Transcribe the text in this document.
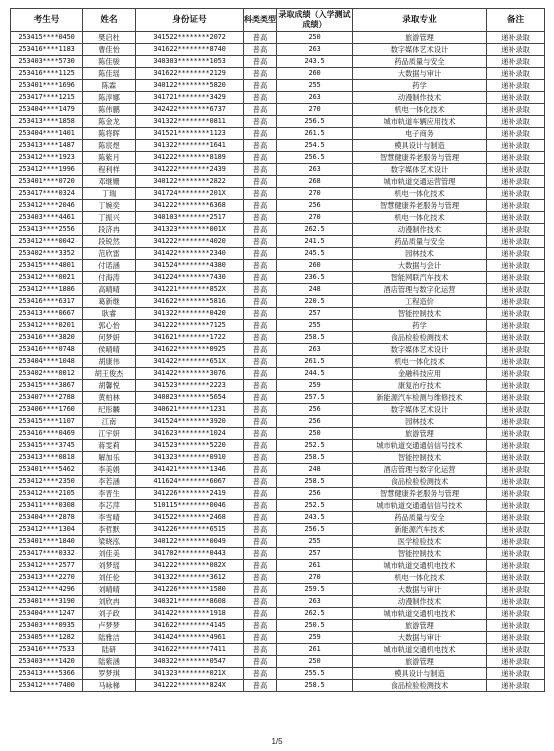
考生号	姓名	身份证号	科类类型	录取成绩（入学测试成绩）	录取专业	备注
253415****0450	樊启杜	341522********2072	普高	250	旅游管理	递补录取
253416****1183	曹佳怡	341622********8740	普高	263	数字媒体艺术设计	递补录取
253403****5730	陈佳骏	340303********1053	普高	243.5	药品质量与安全	递补录取
253416****1125	陈佳瑶	341622********2129	普高	260	大数据与审计	递补录取
253401****1696	陈霖	340122********5820	普高	255	药学	递补录取
253417****1215	陈淳娜	341721********3429	普高	263	动漫制作技术	递补录取
253404****1479	陈伟鹏	342422********6737	普高	270	机电一体化技术	递补录取
253413****1858	陈金龙	341322********0811	普高	256.5	城市轨道车辆应用技术	递补录取
253404****1401	陈将晖	341521********1123	普高	261.5	电子商务	递补录取
253413****1487	陈宸煜	341322********1641	普高	254.5	模具设计与制造	递补录取
253412****1923	陈紫月	341222********8189	普高	256.5	智慧健康养老服务与管理	递补录取
253412****1996	程利样	341222********2439	普高	263	数字媒体艺术设计	递补录取
253401****0720	邓继姗	340122********2822	普高	268	城市轨道交通运营管理	递补录取
253417****0324	丁瑞	341724********201X	普高	270	机电一体化技术	递补录取
253412****2046	丁婉奕	341222********6368	普高	256	智慧健康养老服务与管理	递补录取
253403****4461	丁振兴	340103********2517	普高	270	机电一体化技术	递补录取
253413****2556	段济冉	341323********001X	普高	262.5	动漫制作技术	递补录取
253412****0042	段锐然	341222********4020	普高	241.5	药品质量与安全	递补录取
253402****3352	范欣雷	341422********2340	普高	245.5	园林技术	递补录取
253415****4801	付诺涵	341524********4380	普高	260	大数据与会计	递补录取
253412****0021	付海涛	341224********7430	普高	236.5	智能网联汽车技术	递补录取
253412****1886	高晴晴	341221********852X	普高	248	酒店管理与数字化运营	递补录取
253416****6317	葛新继	341622********5816	普高	220.5	工程造价	递补录取
253413****0667	耿睿	341322********0420	普高	257	智能控制技术	递补录取
253412****0201	郭心怡	341222********7125	普高	255	药学	递补录取
253416****3820	何梦妍	341621********1722	普高	258.5	食品检验检测技术	递补录取
253416****0748	侯晴晴	341622********0925	普高	263	数字媒体艺术设计	递补录取
253404****1048	胡康伟	341422********651X	普高	261.5	机电一体化技术	递补录取
253402****0012	胡王俊杰	341422********3076	普高	244.5	金融科技应用	递补录取
253415****3867	胡馨悦	341523********2223	普高	259	康复治疗技术	递补录取
253407****2788	黄柏林	340823********5654	普高	257.5	新能源汽车检测与维修技术	递补录取
253406****1760	纪彤麟	340621********1231	普高	256	数字媒体艺术设计	递补录取
253415****1107	江南	341524********3920	普高	256	园林技术	递补录取
253416****0469	江宇妍	341623********1024	普高	250	旅游管理	递补录取
253415****3745	蒋雯莉	341523********5220	普高	252.5	城市轨道交通通信信号技术	递补录取
253413****0818	解加乐	341323********0910	普高	258.5	智能控制技术	递补录取
253401****5462	李美娟	341421********1346	普高	248	酒店管理与数字化运营	递补录取
253412****2350	李若涵	411624********6067	普高	258.5	食品检验检测技术	递补录取
253412****2105	李晋生	341226********2419	普高	256	智慧健康养老服务与管理	递补录取
253411****0308	李芯萍	510115********0046	普高	252.5	城市轨道交通通信信号技术	递补录取
253404****2878	李雪晴	341522********2468	普高	243.5	药品质量与安全	递补录取
253412****1304	李哲默	341226********6515	普高	256.5	新能源汽车技术	递补录取
253401****1840	梁晓泓	340122********0049	普高	255	医学检验技术	递补录取
253417****0332	刘佳美	341702********0443	普高	257	智能控制技术	递补录取
253412****2577	刘梦瑶	341222********082X	普高	261	城市轨道交通机电技术	递补录取
253413****2270	刘任伦	341322********3612	普高	270	机电一体化技术	递补录取
253412****4296	刘晴晴	341226********1580	普高	259.5	大数据与审计	递补录取
253401****3190	刘欣冉	340321********8608	普高	263	动漫制作技术	递补录取
253404****1247	刘子政	341422********1918	普高	262.5	城市轨道交通机电技术	递补录取
253403****0935	卢梦梦	341622********4145	普高	250.5	旅游管理	递补录取
253405****1282	陆雅洁	341424********4961	普高	259	大数据与审计	递补录取
253416****7533	陆研	341622********7411	普高	261	城市轨道交通机电技术	递补录取
253403****1420	陆紫涵	340322********0547	普高	250	旅游管理	递补录取
253413****5366	罗梦琪	341323********021X	普高	255.5	模具设计与制造	递补录取
253412****7400	马咏梯	341222********824X	普高	258.5	食品检验检测技术	递补录取
1/5
